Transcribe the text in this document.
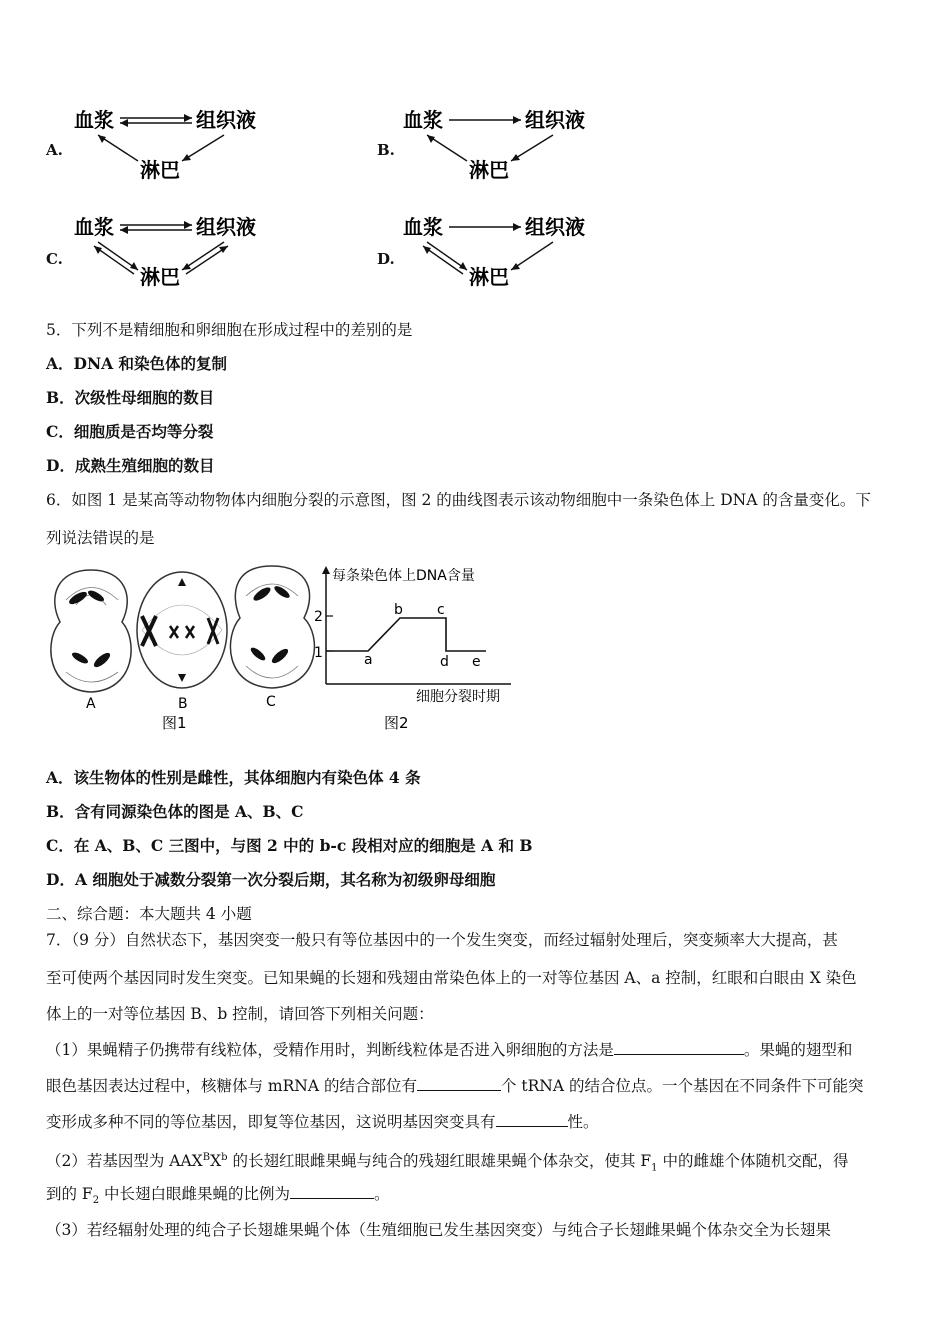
A.
血浆	组织液
淋巴
B.
血浆	组织液
淋巴
C.
血浆	组织液
淋巴
D.
血浆	组织液
淋巴
5．下列不是精细胞和卵细胞在形成过程中的差别的是
A．DNA 和染色体的复制
B．次级性母细胞的数目
C．细胞质是否均等分裂
D．成熟生殖细胞的数目
6．如图 1 是某高等动物物体内细胞分裂的示意图，图 2 的曲线图表示该动物细胞中一条染色体上 DNA 的含量变化。下
列说法错误的是
A	B	C
图1
每条染色体上DNA含量
2
1	a
b c
d e
细胞分裂时期
图2
A．该生物体的性别是雌性，其体细胞内有染色体 4 条
B．含有同源染色体的图是 A、B、C
C．在 A、B、C 三图中，与图 2 中的 b-c 段相对应的细胞是 A 和 B
D．A 细胞处于减数分裂第一次分裂后期，其名称为初级卵母细胞
二、综合题：本大题共 4 小题
7．（9 分）自然状态下，基因突变一般只有等位基因中的一个发生突变，而经过辐射处理后，突变频率大大提高，甚
至可使两个基因同时发生突变。已知果蝇的长翅和残翅由常染色体上的一对等位基因 A、a 控制，红眼和白眼由 X 染色
体上的一对等位基因 B、b 控制，请回答下列相关问题：
（1）果蝇精子仍携带有线粒体，受精作用时，判断线粒体是否进入卵细胞的方法是	。果蝇的翅型和
眼色基因表达过程中，核糖体与 mRNA 的结合部位有	个 tRNA 的结合位点。一个基因在不同条件下可能突
变形成多种不同的等位基因，即复等位基因，这说明基因突变具有	性。
（2）若基因型为 $AAX^BX^b$ 的长翅红眼雌果蝇与纯合的残翅红眼雄果蝇个体杂交，使其 $F_1$ 中的雌雄个体随机交配，得
到的 $F_2$ 中长翅白眼雌果蝇的比例为	。
（3）若经辐射处理的纯合子长翅雄果蝇个体（生殖细胞已发生基因突变）与纯合子长翅雌果蝇个体杂交全为长翅果
